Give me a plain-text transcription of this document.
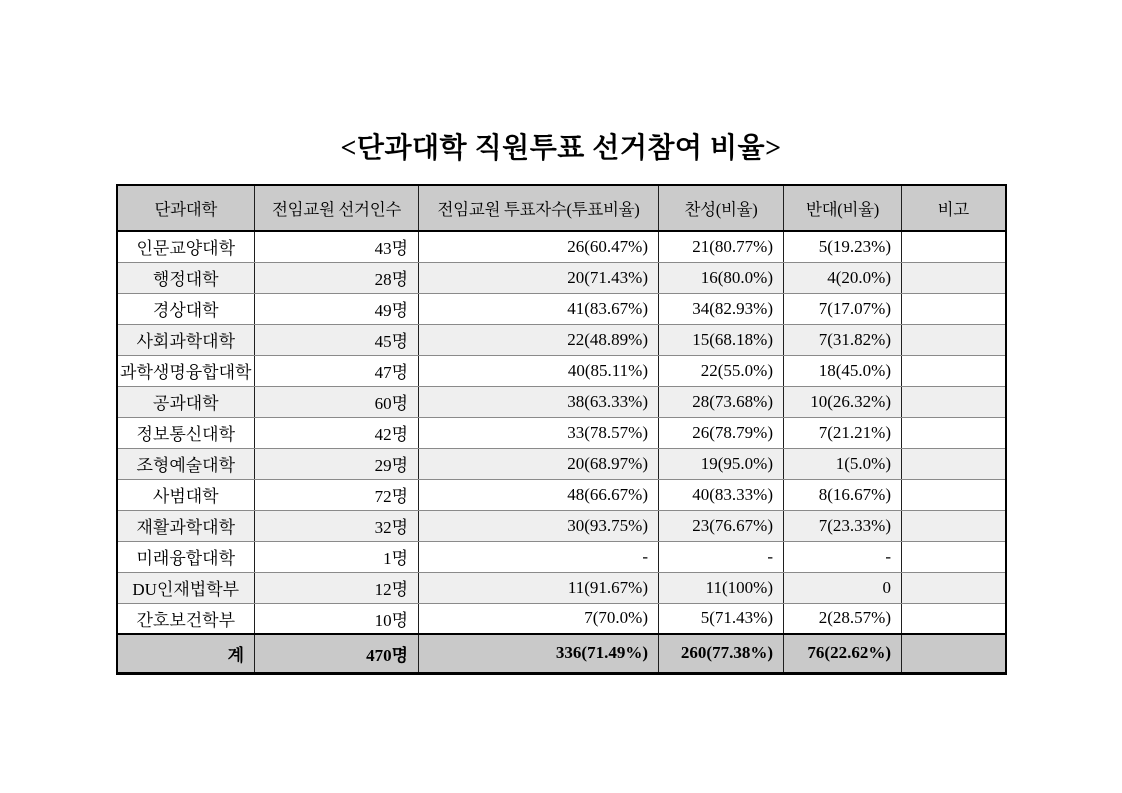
<단과대학 직원투표 선거참여 비율>
단과대학	전임교원 선거인수	전임교원 투표자수(투표비율)	찬성(비율)	반대(비율)	비고
인문교양대학	43명	26(60.47%)	21(80.77%)	5(19.23%)	
행정대학	28명	20(71.43%)	16(80.0%)	4(20.0%)	
경상대학	49명	41(83.67%)	34(82.93%)	7(17.07%)	
사회과학대학	45명	22(48.89%)	15(68.18%)	7(31.82%)	
과학생명융합대학	47명	40(85.11%)	22(55.0%)	18(45.0%)	
공과대학	60명	38(63.33%)	28(73.68%)	10(26.32%)	
정보통신대학	42명	33(78.57%)	26(78.79%)	7(21.21%)	
조형예술대학	29명	20(68.97%)	19(95.0%)	1(5.0%)	
사범대학	72명	48(66.67%)	40(83.33%)	8(16.67%)	
재활과학대학	32명	30(93.75%)	23(76.67%)	7(23.33%)	
미래융합대학	1명	-	-	-	
DU인재법학부	12명	11(91.67%)	11(100%)	0	
간호보건학부	10명	7(70.0%)	5(71.43%)	2(28.57%)	
계	470명	336(71.49%)	260(77.38%)	76(22.62%)	
